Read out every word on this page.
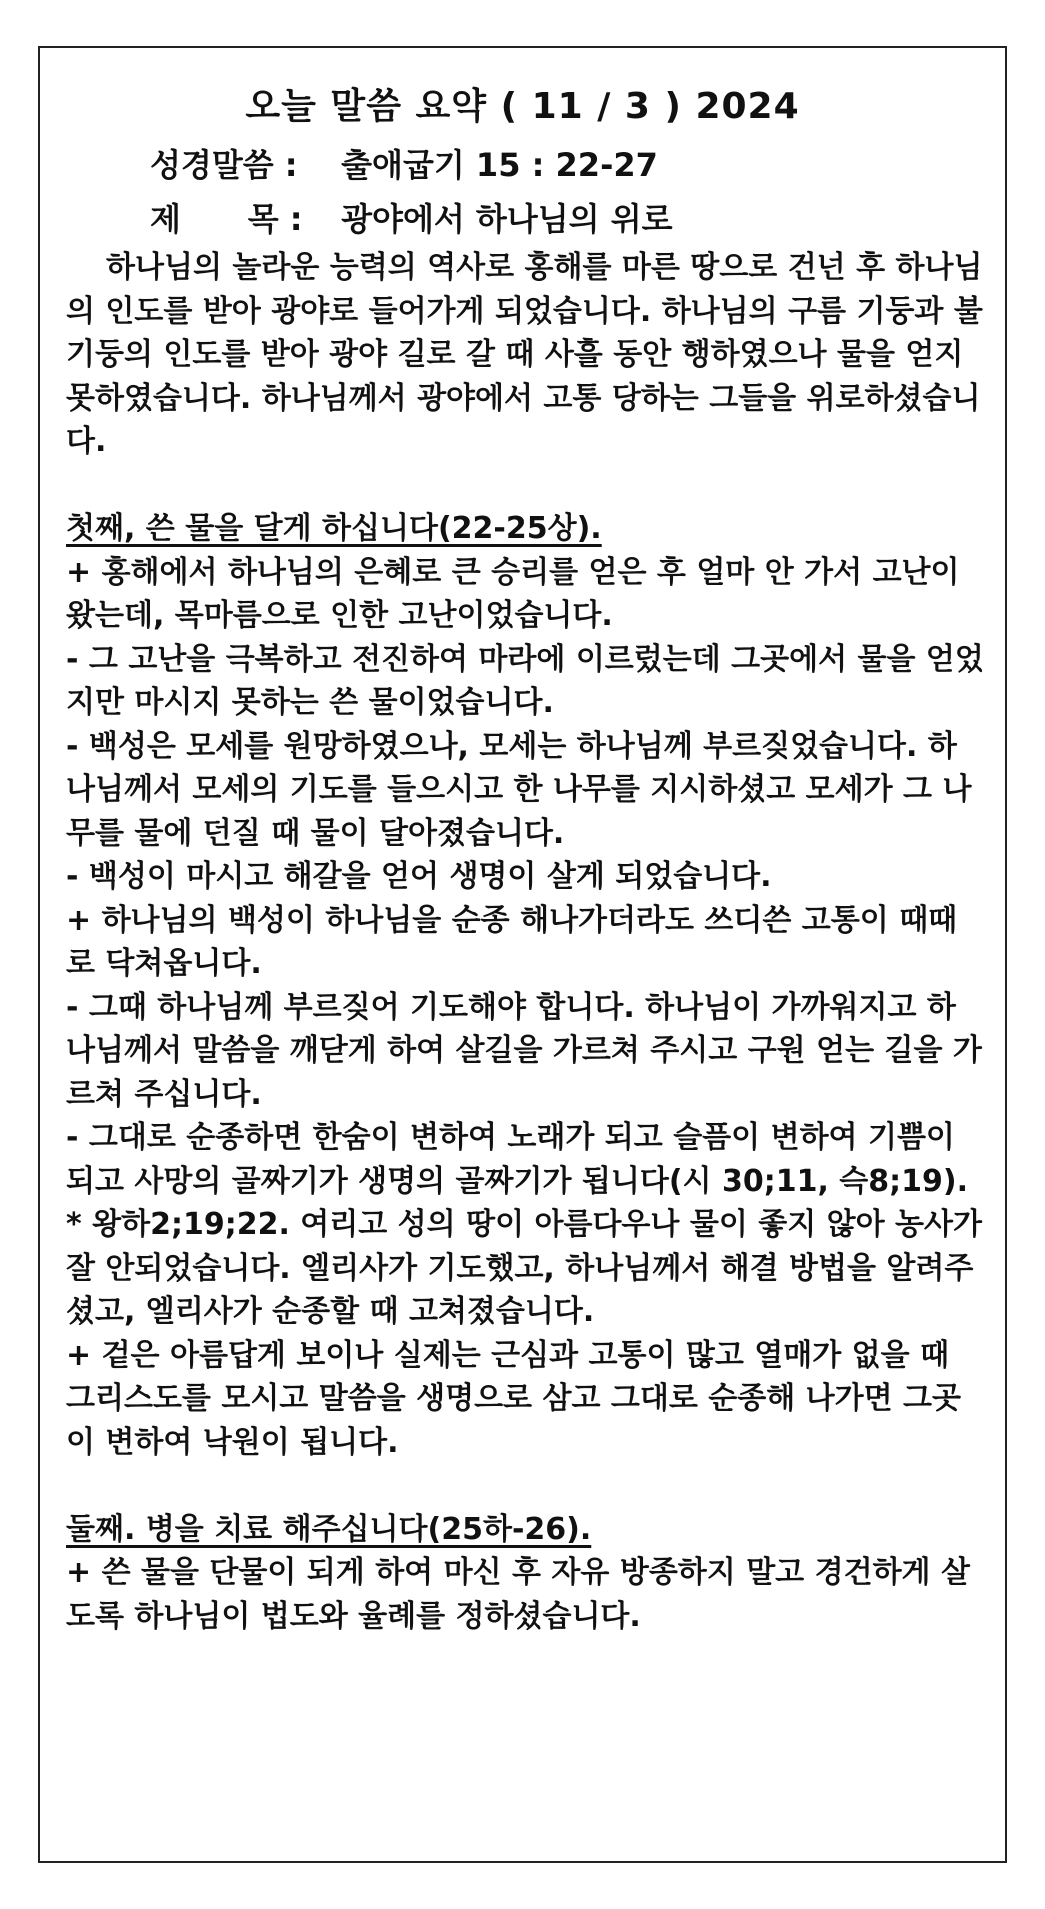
오늘 말씀 요약 ( 11 / 3 ) 2024
성경말씀 : 출애굽기 15 : 22-27
제      목 : 광야에서 하나님의 위로

하나님의 놀라운 능력의 역사로 홍해를 마른 땅으로 건넌 후 하나님의 인도를 받아 광야로 들어가게 되었습니다. 하나님의 구름 기둥과 불기둥의 인도를 받아 광야 길로 갈 때 사흘 동안 행하였으나 물을 얻지 못하였습니다. 하나님께서 광야에서 고통 당하는 그들을 위로하셨습니다.

첫째, 쓴 물을 달게 하십니다(22-25상).

+ 홍해에서 하나님의 은혜로 큰 승리를 얻은 후 얼마 안 가서 고난이 왔는데, 목마름으로 인한 고난이었습니다.

- 그 고난을 극복하고 전진하여 마라에 이르렀는데 그곳에서 물을 얻었지만 마시지 못하는 쓴 물이었습니다.

- 백성은 모세를 원망하였으나, 모세는 하나님께 부르짖었습니다. 하나님께서 모세의 기도를 들으시고 한 나무를 지시하셨고 모세가 그 나무를 물에 던질 때 물이 달아졌습니다.

- 백성이 마시고 해갈을 얻어 생명이 살게 되었습니다.

+ 하나님의 백성이 하나님을 순종 해나가더라도 쓰디쓴 고통이 때때로 닥쳐옵니다.

- 그때 하나님께 부르짖어 기도해야 합니다. 하나님이 가까워지고 하나님께서 말씀을 깨닫게 하여 살길을 가르쳐 주시고 구원 얻는 길을 가르쳐 주십니다.

- 그대로 순종하면 한숨이 변하여 노래가 되고 슬픔이 변하여 기쁨이 되고 사망의 골짜기가 생명의 골짜기가 됩니다(시 30;11, 슥8;19).

* 왕하2;19;22. 여리고 성의 땅이 아름다우나 물이 좋지 않아 농사가 잘 안되었습니다. 엘리사가 기도했고, 하나님께서 해결 방법을 알려주셨고, 엘리사가 순종할 때 고쳐졌습니다.

+ 겉은 아름답게 보이나 실제는 근심과 고통이 많고 열매가 없을 때 그리스도를 모시고 말씀을 생명으로 삼고 그대로 순종해 나가면 그곳이 변하여 낙원이 됩니다.

둘째. 병을 치료 해주십니다(25하-26).

+ 쓴 물을 단물이 되게 하여 마신 후 자유 방종하지 말고 경건하게 살도록 하나님이 법도와 율례를 정하셨습니다.
